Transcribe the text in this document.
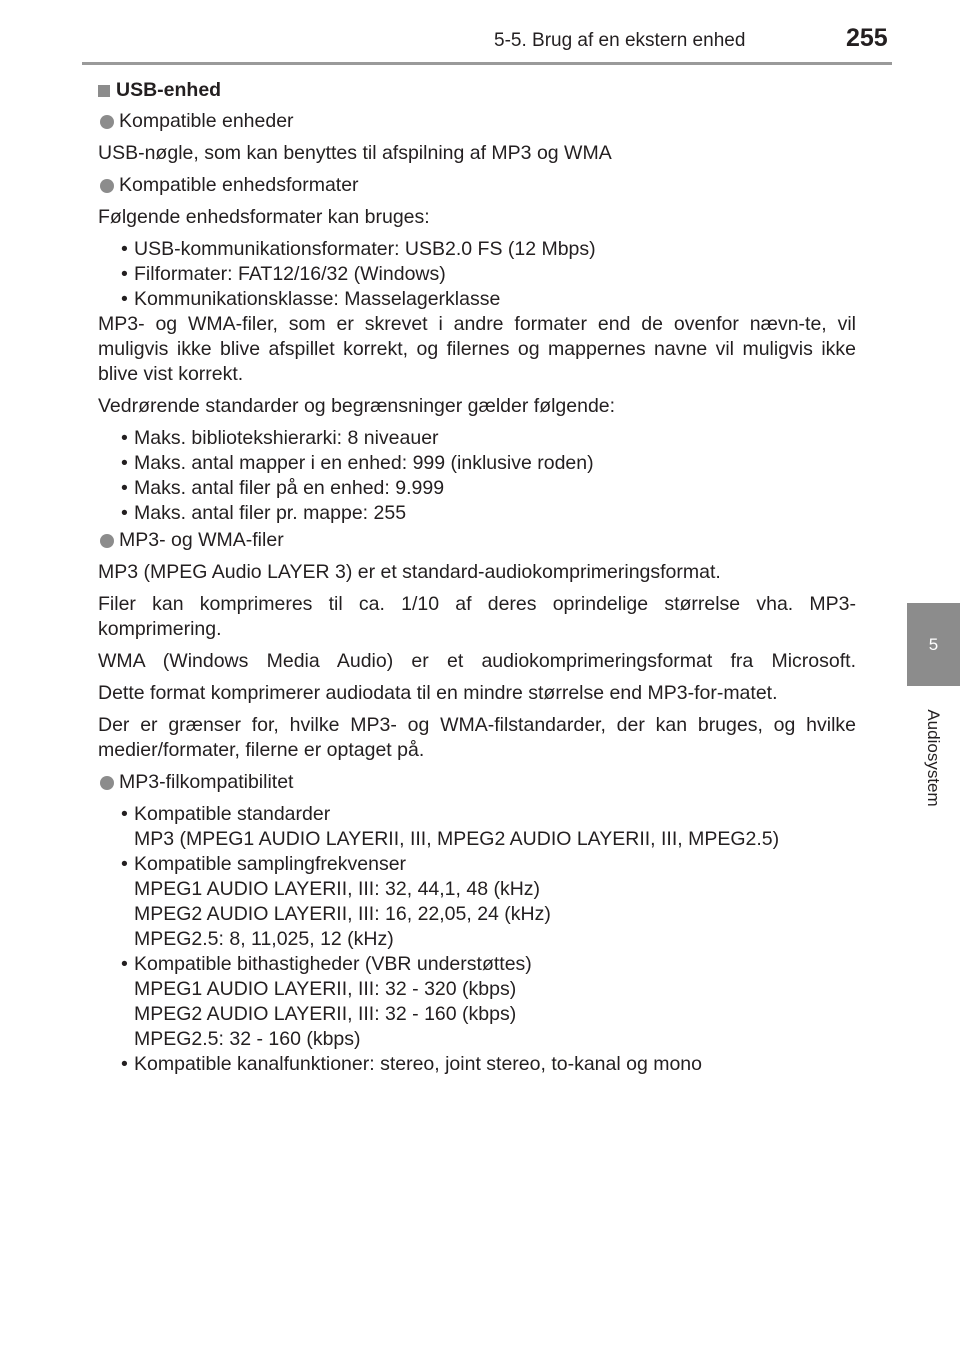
5-5. Brug af en ekstern enhed	255
5
Audiosystem
USB-enhed
Kompatible enheder

USB-nøgle, som kan benyttes til afspilning af MP3 og WMA

Kompatible enhedsformater

Følgende enhedsformater kan bruges:

• USB-kommunikationsformater: USB2.0 FS (12 Mbps)
• Filformater: FAT12/16/32 (Windows)
• Kommunikationsklasse: Masselagerklasse

MP3- og WMA-filer, som er skrevet i andre formater end de ovenfor nævn-te, vil muligvis ikke blive afspillet korrekt, og filernes og mappernes navne vil muligvis ikke blive vist korrekt.

Vedrørende standarder og begrænsninger gælder følgende:

• Maks. bibliotekshierarki: 8 niveauer
• Maks. antal mapper i en enhed: 999 (inklusive roden)
• Maks. antal filer på en enhed: 9.999
• Maks. antal filer pr. mappe: 255
MP3- og WMA-filer

MP3 (MPEG Audio LAYER 3) er et standard-audiokomprimeringsformat.

Filer kan komprimeres til ca. 1/10 af deres oprindelige størrelse vha. MP3-komprimering.

WMA (Windows Media Audio) er et audiokomprimeringsformat fra Microsoft.

Dette format komprimerer audiodata til en mindre størrelse end MP3-for-matet.

Der er grænser for, hvilke MP3- og WMA-filstandarder, der kan bruges, og hvilke medier/formater, filerne er optaget på.

MP3-filkompatibilitet
• Kompatible standarder
MP3 (MPEG1 AUDIO LAYERII, III, MPEG2 AUDIO LAYERII, III, MPEG2.5)
• Kompatible samplingfrekvenser
MPEG1 AUDIO LAYERII, III: 32, 44,1, 48 (kHz)
MPEG2 AUDIO LAYERII, III: 16, 22,05, 24 (kHz)
MPEG2.5: 8, 11,025, 12 (kHz)
• Kompatible bithastigheder (VBR understøttes)
MPEG1 AUDIO LAYERII, III: 32 - 320 (kbps)
MPEG2 AUDIO LAYERII, III: 32 - 160 (kbps)
MPEG2.5: 32 - 160 (kbps)
• Kompatible kanalfunktioner: stereo, joint stereo, to-kanal og mono
